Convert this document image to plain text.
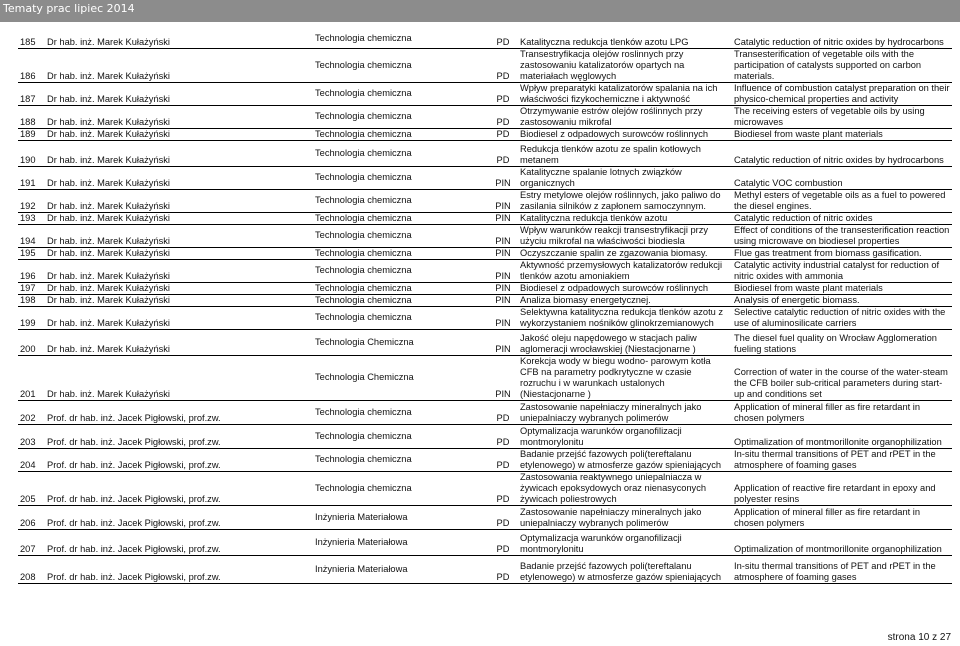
Tematy prac lipiec 2014
185	Dr hab. inż. Marek Kułażyński	Technologia chemiczna	PD	Katalityczna redukcja tlenków azotu LPG	Catalytic reduction of nitric oxides by hydrocarbons
186	Dr hab. inż. Marek Kułażyński	Technologia chemiczna	PD	Transestryfikacja olejów roslinnych przy zastosowaniu katalizatorów opartych na materiałach węglowych	Transesterification of vegetable oils with the participation of catalysts supported on carbon materials.
187	Dr hab. inż. Marek Kułażyński	Technologia chemiczna	PD	Wpływ preparatyki katalizatorów spalania na ich właściwości fizykochemiczne i aktywność	Influence of combustion catalyst preparation on their physico-chemical properties and activity
188	Dr hab. inż. Marek Kułażyński	Technologia chemiczna	PD	Otrzymywanie estrów olejów roślinnych przy zastosowaniu mikrofal	The receiving esters of vegetable oils by using microwaves
189	Dr hab. inż. Marek Kułażyński	Technologia chemiczna	PD	Biodiesel z odpadowych surowców roślinnych	Biodiesel from waste plant materials
190	Dr hab. inż. Marek Kułażyński	Technologia chemiczna	PD	Redukcja tlenków azotu ze spalin kotłowych metanem	Catalytic reduction of nitric oxides by hydrocarbons
191	Dr hab. inż. Marek Kułażyński	Technologia chemiczna	PIN	Katalityczne spalanie lotnych związków organicznych	Catalytic VOC combustion
192	Dr hab. inż. Marek Kułażyński	Technologia chemiczna	PIN	Estry metylowe olejów roślinnych, jako paliwo do zasilania silników z zapłonem samoczynnym.	Methyl esters of vegetable oils as a fuel to powered the diesel engines.
193	Dr hab. inż. Marek Kułażyński	Technologia chemiczna	PIN	Katalityczna redukcja tlenków azotu	Catalytic reduction of nitric oxides
194	Dr hab. inż. Marek Kułażyński	Technologia chemiczna	PIN	Wpływ warunków reakcji transestryfikacji przy użyciu mikrofal na właściwości biodiesla	Effect of conditions of the transesterification reaction using microwave on biodiesel properties
195	Dr hab. inż. Marek Kułażyński	Technologia chemiczna	PIN	Oczyszczanie spalin ze zgazowania biomasy.	Flue gas treatment from biomass gasification.
196	Dr hab. inż. Marek Kułażyński	Technologia chemiczna	PIN	Aktywność przemysłowych katalizatorów redukcji tlenków azotu amoniakiem	Catalytic activity industrial catalyst for reduction of nitric oxides with ammonia
197	Dr hab. inż. Marek Kułażyński	Technologia chemiczna	PIN	Biodiesel z odpadowych surowców roślinnych	Biodiesel from waste plant materials
198	Dr hab. inż. Marek Kułażyński	Technologia chemiczna	PIN	Analiza biomasy energetycznej.	Analysis of energetic biomass.
199	Dr hab. inż. Marek Kułażyński	Technologia chemiczna	PIN	Selektywna katalityczna redukcja tlenków azotu z wykorzystaniem nośników glinokrzemianowych	Selective catalytic reduction of nitric oxides with the use of aluminosilicate carriers
200	Dr hab. inż. Marek Kułażyński	Technologia Chemiczna	PIN	Jakość oleju napędowego w stacjach paliw aglomeracji wrocławskiej (Niestacjonarne )	The diesel fuel quality on Wrocław Agglomeration fueling stations
201	Dr hab. inż. Marek Kułażyński	Technologia Chemiczna	PIN	Korekcja wody w biegu wodno- parowym kotła CFB na parametry podkrytyczne w czasie rozruchu i w warunkach ustalonych (Niestacjonarne )	Correction of water in the course of the water-steam the CFB boiler sub-critical parameters during start-up and conditions set
202	Prof. dr hab. inż. Jacek Pigłowski, prof.zw.	Technologia chemiczna	PD	Zastosowanie napełniaczy mineralnych jako uniepalniaczy wybranych polimerów	Application of mineral filler as fire retardant in chosen polymers
203	Prof. dr hab. inż. Jacek Pigłowski, prof.zw.	Technologia chemiczna	PD	Optymalizacja warunków organofilizacji montmorylonitu	Optimalization of montmorillonite organophilization
204	Prof. dr hab. inż. Jacek Pigłowski, prof.zw.	Technologia chemiczna	PD	Badanie przejść fazowych poli(tereftalanu etylenowego) w atmosferze gazów spieniających	In-situ thermal transitions of PET and rPET in the atmosphere of foaming gases
205	Prof. dr hab. inż. Jacek Pigłowski, prof.zw.	Technologia chemiczna	PD	Zastosowania reaktywnego uniepalniacza w żywicach epoksydowych oraz nienasyconych żywicach poliestrowych	Application of reactive fire retardant in epoxy and polyester resins
206	Prof. dr hab. inż. Jacek Pigłowski, prof.zw.	Inżynieria Materiałowa	PD	Zastosowanie napełniaczy mineralnych jako uniepalniaczy wybranych polimerów	Application of mineral filler as fire retardant in chosen polymers
207	Prof. dr hab. inż. Jacek Pigłowski, prof.zw.	Inżynieria Materiałowa	PD	Optymalizacja warunków organofilizacji montmorylonitu	Optimalization of montmorillonite organophilization
208	Prof. dr hab. inż. Jacek Pigłowski, prof.zw.	Inżynieria Materiałowa	PD	Badanie przejść fazowych poli(tereftalanu etylenowego) w atmosferze gazów spieniających	In-situ thermal transitions of PET and rPET in the atmosphere of foaming gases
strona 10 z 27
